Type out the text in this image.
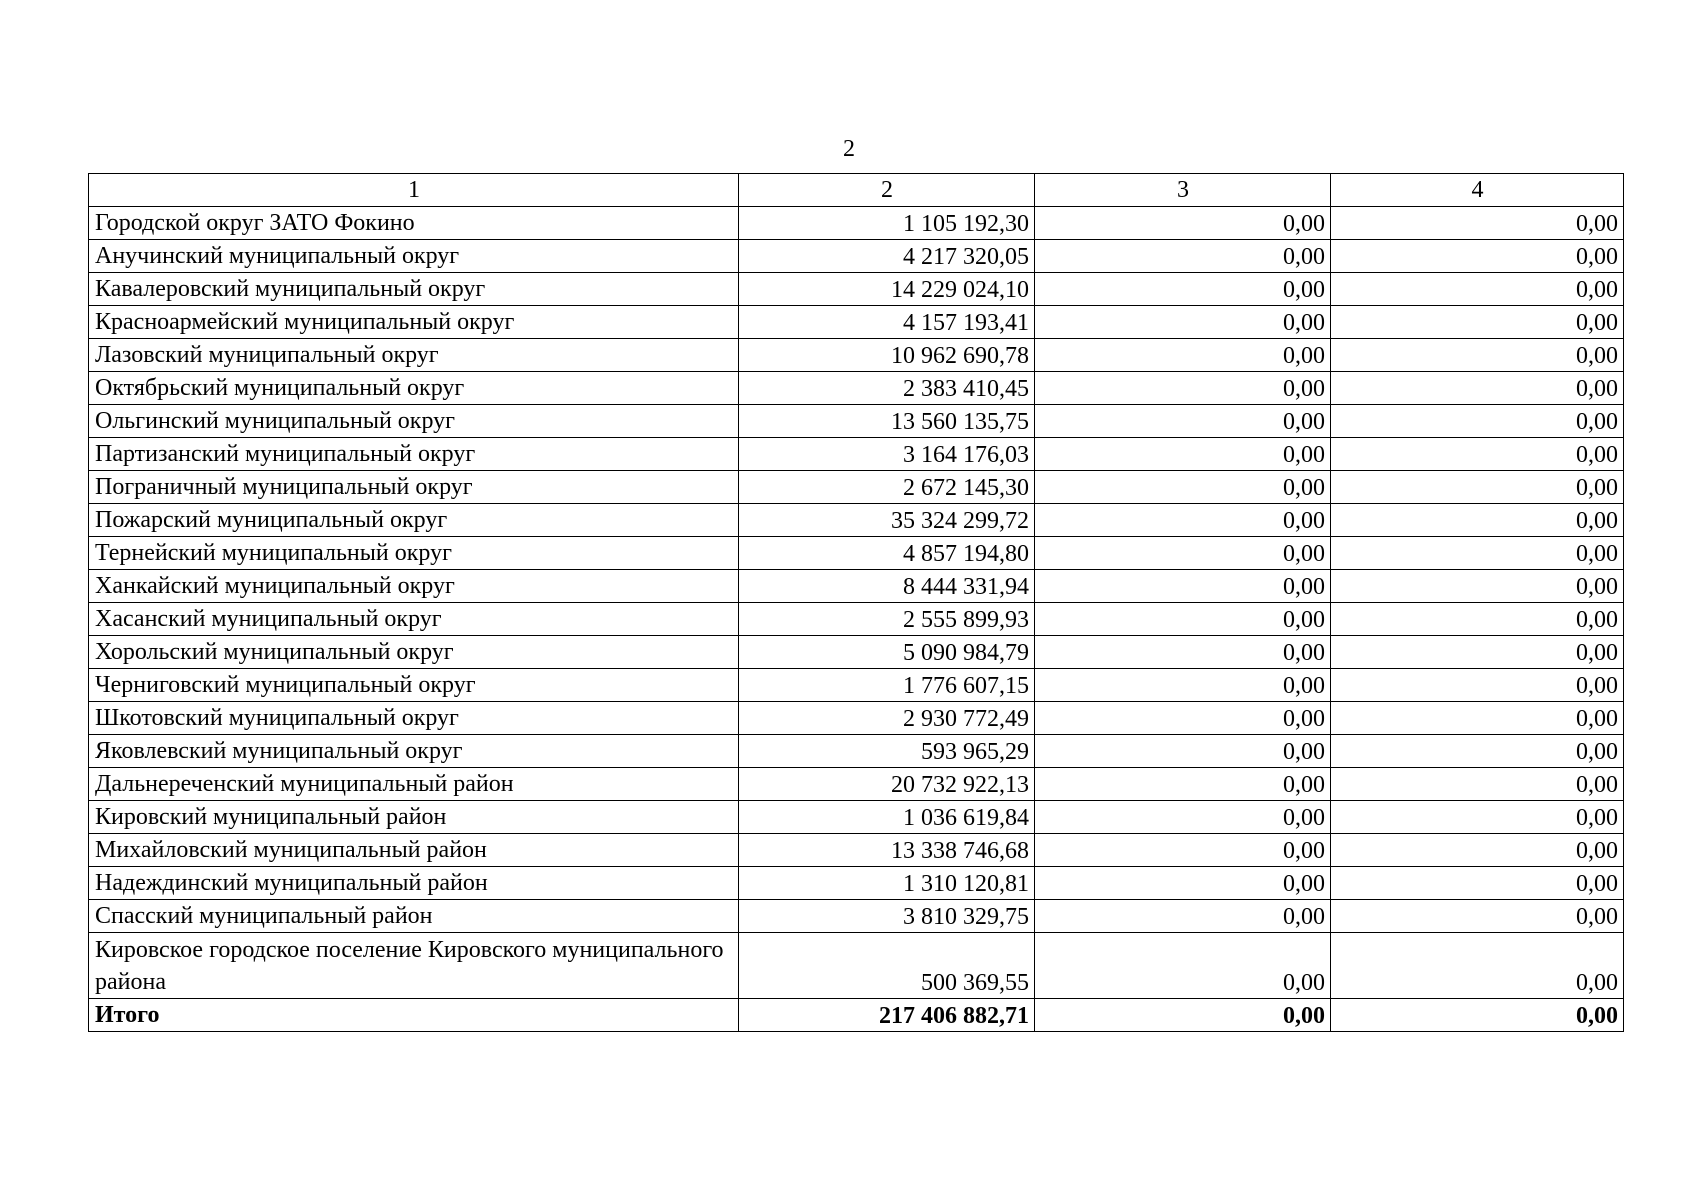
2
1	2	3	4
Городской округ ЗАТО Фокино	1 105 192,30	0,00	0,00
Анучинский муниципальный округ	4 217 320,05	0,00	0,00
Кавалеровский муниципальный округ	14 229 024,10	0,00	0,00
Красноармейский муниципальный округ	4 157 193,41	0,00	0,00
Лазовский муниципальный округ	10 962 690,78	0,00	0,00
Октябрьский муниципальный округ	2 383 410,45	0,00	0,00
Ольгинский муниципальный округ	13 560 135,75	0,00	0,00
Партизанский муниципальный округ	3 164 176,03	0,00	0,00
Пограничный муниципальный округ	2 672 145,30	0,00	0,00
Пожарский муниципальный округ	35 324 299,72	0,00	0,00
Тернейский муниципальный округ	4 857 194,80	0,00	0,00
Ханкайский муниципальный округ	8 444 331,94	0,00	0,00
Хасанский муниципальный округ	2 555 899,93	0,00	0,00
Хорольский муниципальный округ	5 090 984,79	0,00	0,00
Черниговский муниципальный округ	1 776 607,15	0,00	0,00
Шкотовский муниципальный округ	2 930 772,49	0,00	0,00
Яковлевский муниципальный округ	593 965,29	0,00	0,00
Дальнереченский муниципальный район	20 732 922,13	0,00	0,00
Кировский муниципальный район	1 036 619,84	0,00	0,00
Михайловский муниципальный район	13 338 746,68	0,00	0,00
Надеждинский муниципальный район	1 310 120,81	0,00	0,00
Спасский муниципальный район	3 810 329,75	0,00	0,00
Кировское городское поселение Кировского муниципального района	500 369,55	0,00	0,00
Итого	217 406 882,71	0,00	0,00
